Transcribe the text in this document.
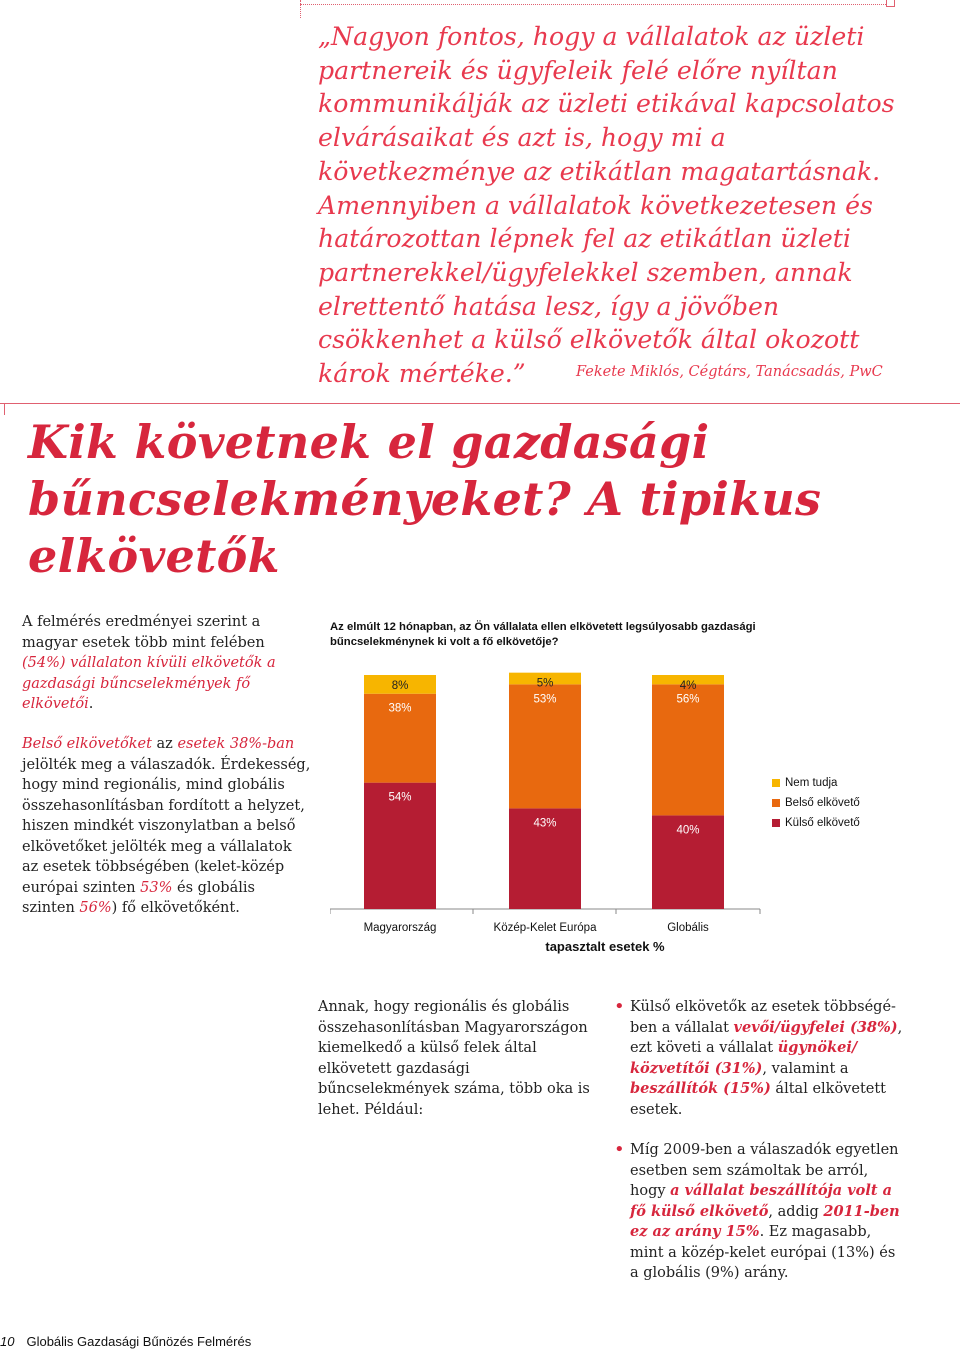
„Nagyon fontos, hogy a vállalatok az üzleti partnereik és ügyfeleik felé előre nyíltan kommunikálják az üzleti etikával kapcsolatos elvárásaikat és azt is, hogy mi a következménye az etikátlan magatartásnak. Amennyiben a vállalatok következetesen és határozottan lépnek fel az etikátlan üzleti partnerekkel/ügyfelekkel szemben, annak elrettentő hatása lesz, így a jövőben csökkenhet a külső elkövetők által okozott károk mértéke.”	Fekete Miklós, Cégtárs, Tanácsadás, PwC
Kik követnek el gazdasági
bűncselekményeket? A tipikus
elkövetők

A felmérés eredményei szerint a magyar esetek több mint felében (54%) vállalaton kívüli elkövetők a gazdasági bűncselekmények fő elkövetői.

Belső elkövetőket az esetek 38%-ban jelölték meg a válaszadók. Érdekesség, hogy mind regionális, mind globális összehasonlításban fordított a helyzet, hiszen mindkét viszonylatban a belső elkövetőket jelölték meg a vállalatok az esetek többségében (kelet-közép európai szinten 53% és globális szinten 56%) fő elkövetőként.

Az elmúlt 12 hónapban, az Ön vállalata ellen elkövetett legsúlyosabb gazdasági bűncselekménynek ki volt a fő elkövetője?
54%
38%
8%
Magyarország
43%
53%
5%
Közép-Kelet Európa
40%
56%
4%
Globális
tapasztalt esetek %
Nem tudja
Belső elkövető
Külső elkövető
Annak, hogy regionális és globális összehasonlításban Magyarországon kiemelkedő a külső felek által elkövetett gazdasági bűncselekmények száma, több oka is lehet. Például:
• Külső elkövetők az esetek többségében a vállalat vevői/ügyfelei (38%), ezt követi a vállalat ügynökei/ közvetítői (31%), valamint a beszállítók (15%) által elkövetett esetek.
• Míg 2009-ben a válaszadók egyetlen esetben sem számoltak be arról, hogy a vállalat beszállítója volt a fő külső elkövető, addig 2011-ben ez az arány 15%. Ez magasabb, mint a közép-kelet európai (13%) és a globális (9%) arány.
10 Globális Gazdasági Bűnözés Felmérés
